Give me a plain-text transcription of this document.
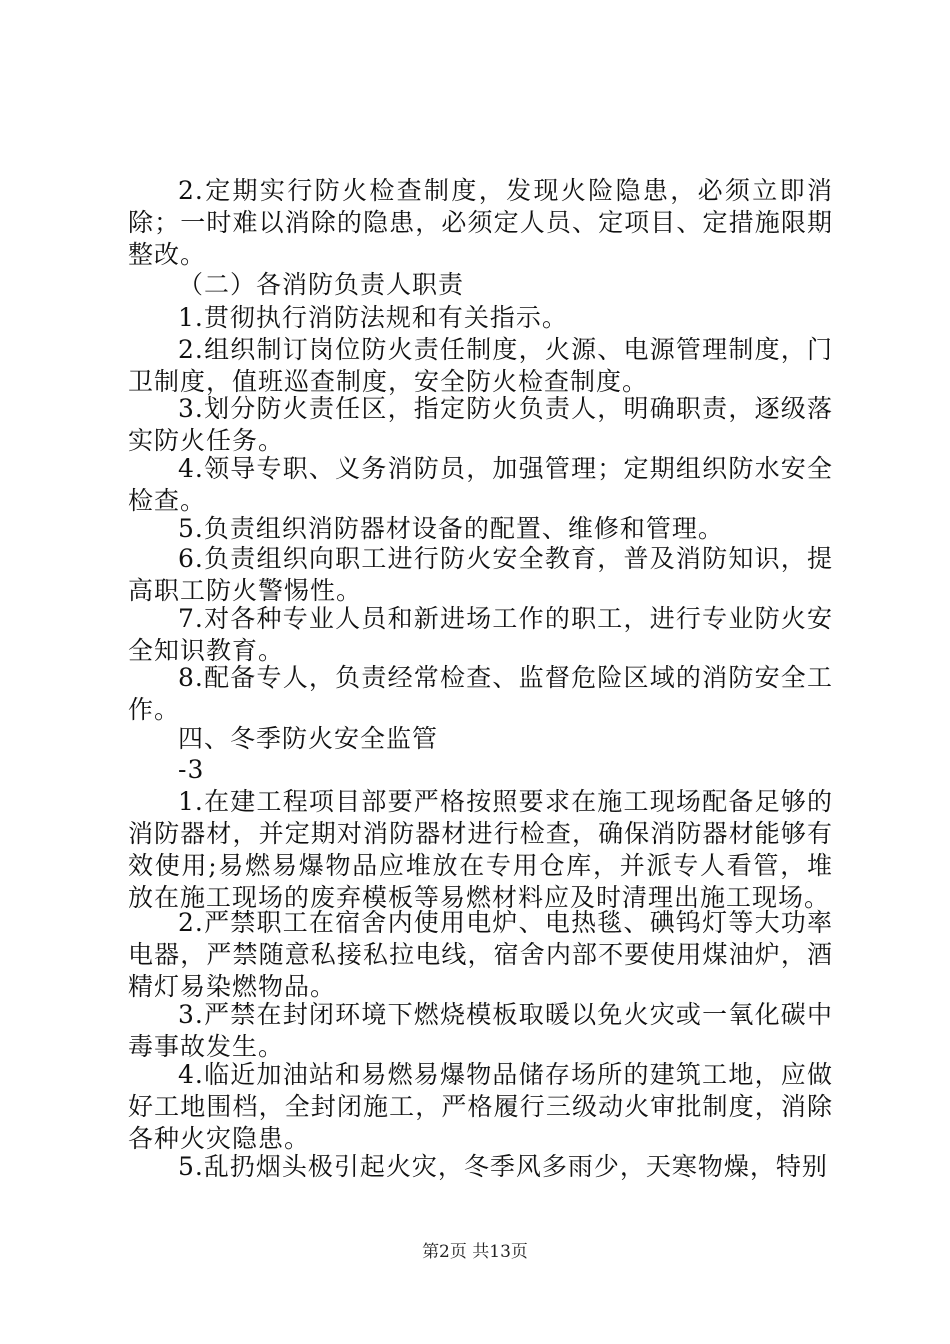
2.定期实行防火检查制度，发现火险隐患，必须立即消除；一时难以消除的隐患，必须定人员、定项目、定措施限期整改。

（二）各消防负责人职责

1.贯彻执行消防法规和有关指示。

2.组织制订岗位防火责任制度，火源、电源管理制度，门卫制度，值班巡查制度，安全防火检查制度。

3.划分防火责任区，指定防火负责人，明确职责，逐级落实防火任务。

4.领导专职、义务消防员，加强管理；定期组织防水安全检查。

5.负责组织消防器材设备的配置、维修和管理。

6.负责组织向职工进行防火安全教育，普及消防知识，提高职工防火警惕性。

7.对各种专业人员和新进场工作的职工，进行专业防火安全知识教育。

8.配备专人，负责经常检查、监督危险区域的消防安全工作。

四、冬季防火安全监管

-3

1.在建工程项目部要严格按照要求在施工现场配备足够的消防器材，并定期对消防器材进行检查，确保消防器材能够有效使用;易燃易爆物品应堆放在专用仓库，并派专人看管，堆放在施工现场的废弃模板等易燃材料应及时清理出施工现场。

2.严禁职工在宿舍内使用电炉、电热毯、碘钨灯等大功率电器，严禁随意私接私拉电线，宿舍内部不要使用煤油炉，酒精灯易染燃物品。

3.严禁在封闭环境下燃烧模板取暖以免火灾或一氧化碳中毒事故发生。

4.临近加油站和易燃易爆物品储存场所的建筑工地，应做好工地围档，全封闭施工，严格履行三级动火审批制度，消除各种火灾隐患。

5.乱扔烟头极引起火灾，冬季风多雨少，天寒物燥，特别

第2页 共13页
